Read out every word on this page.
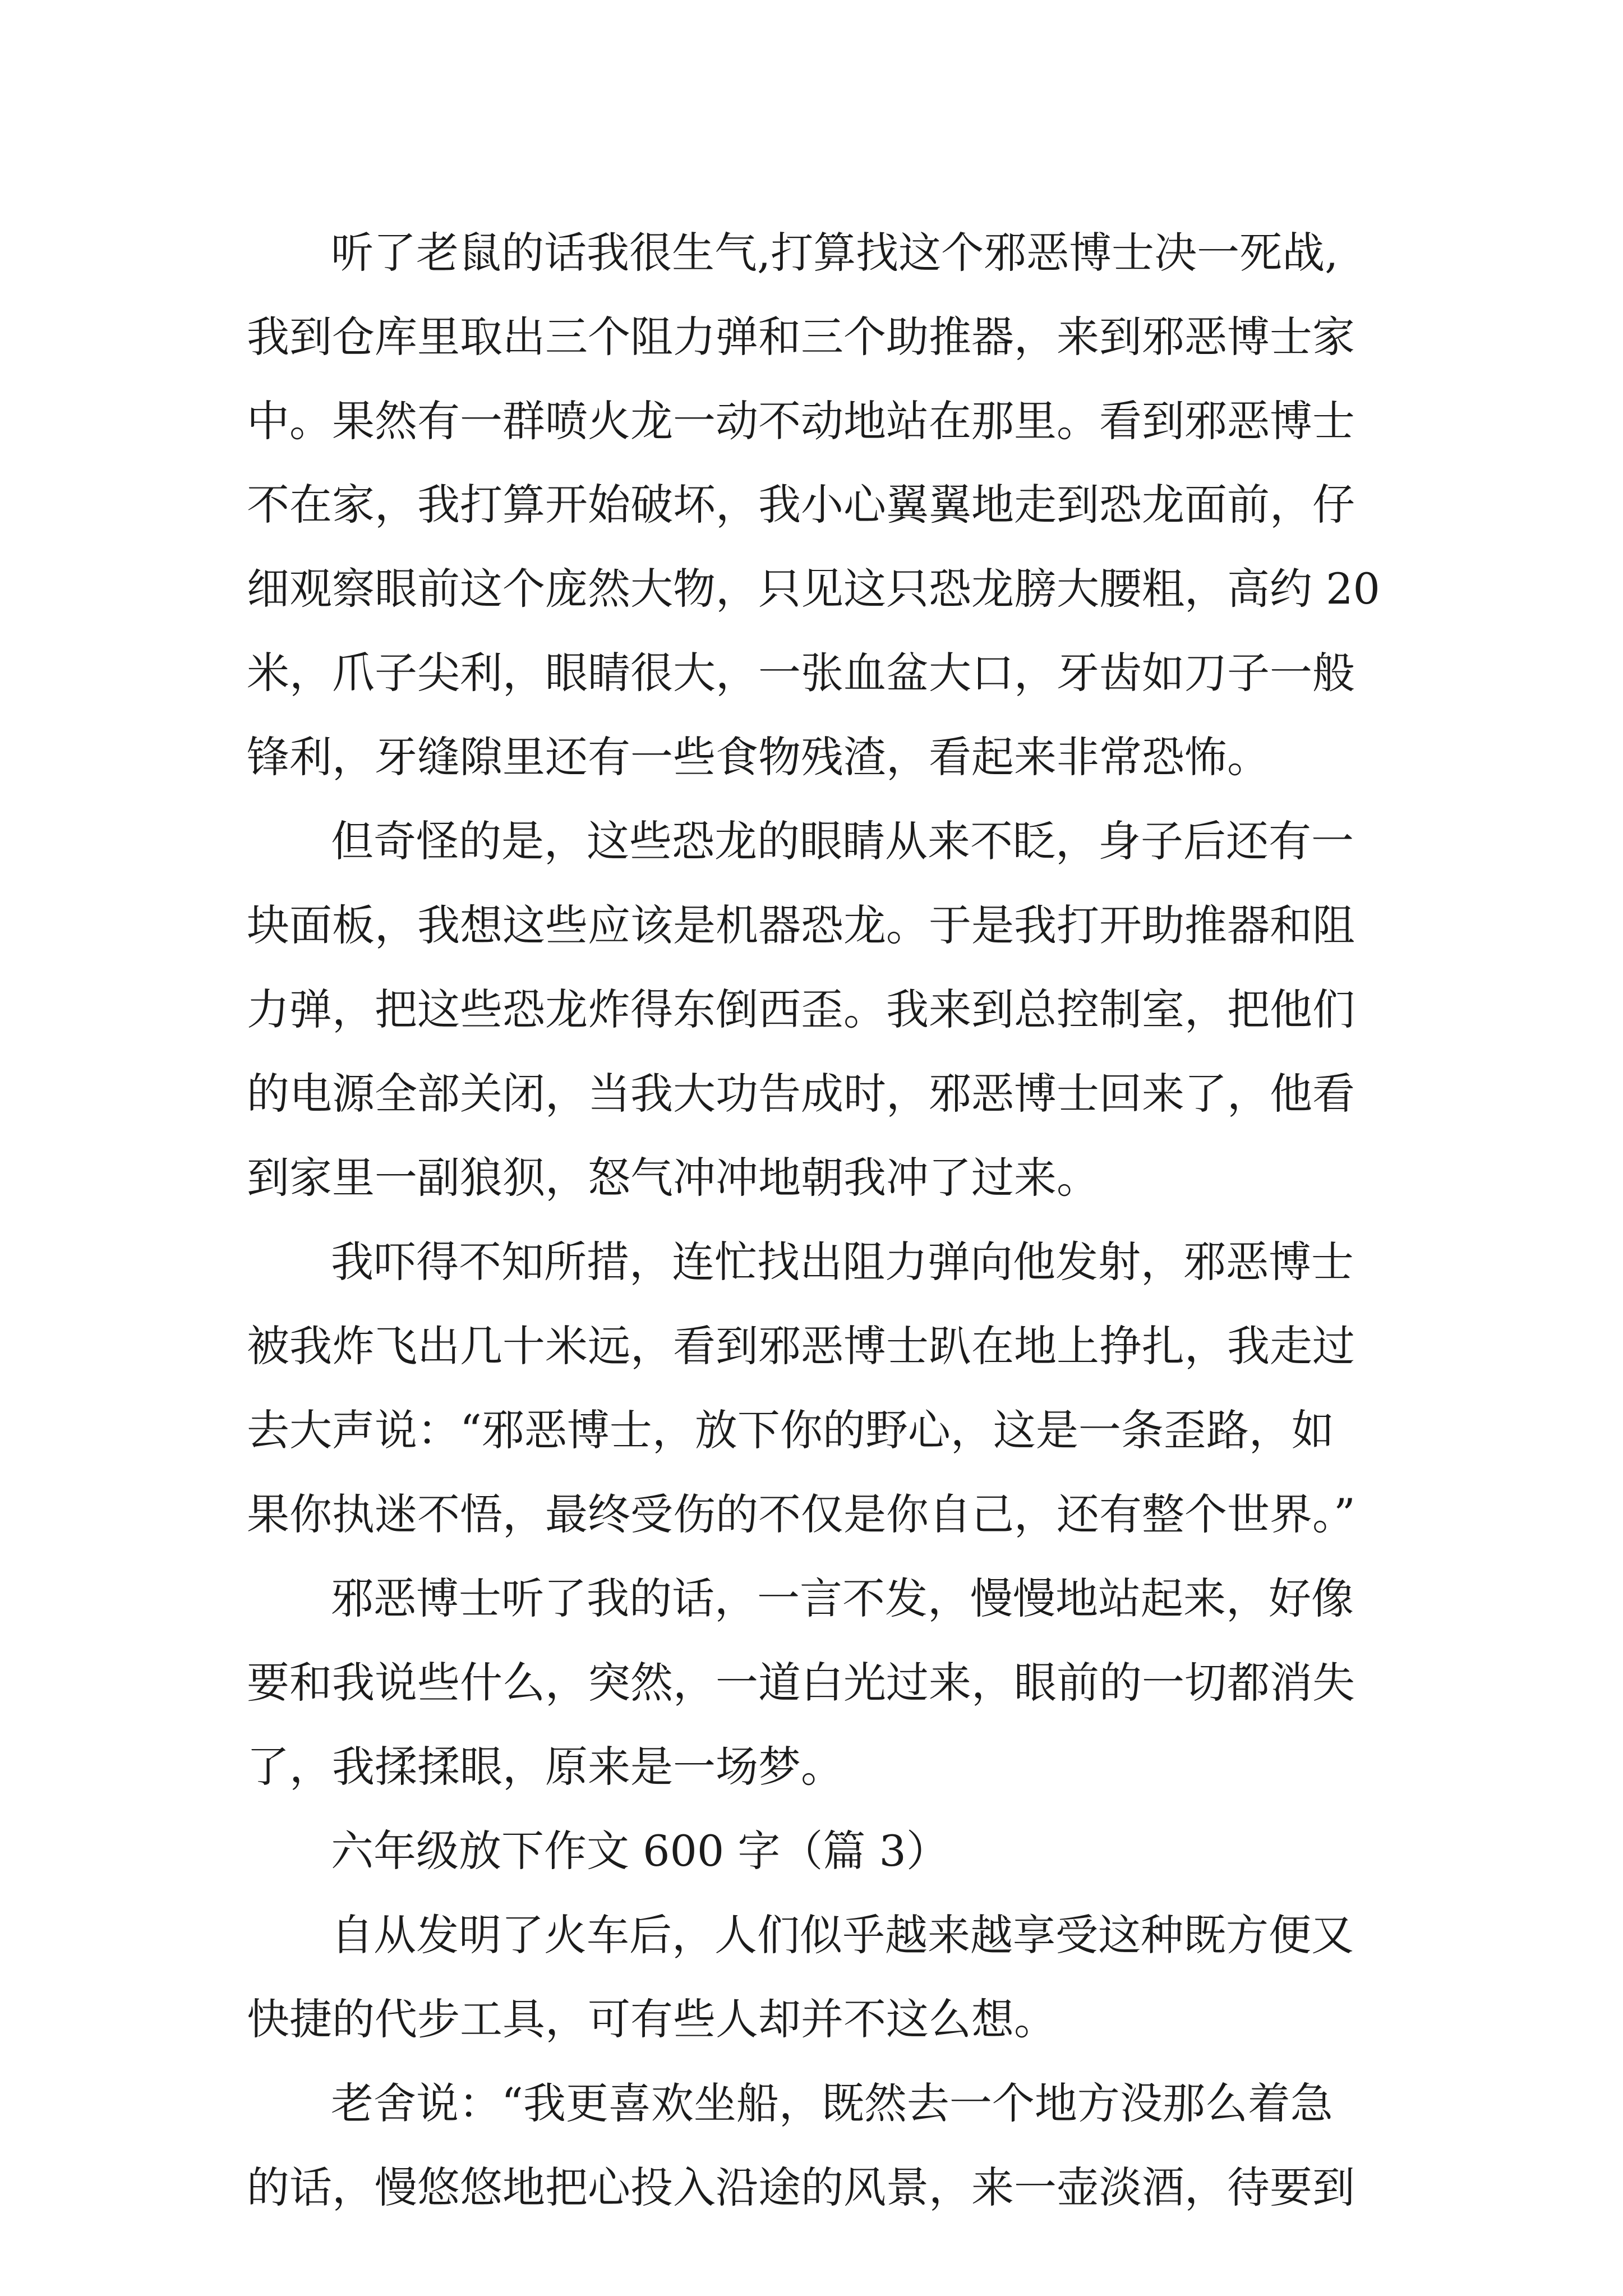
听了老鼠的话我很生气,打算找这个邪恶博士决一死战,
我到仓库里取出三个阻力弹和三个助推器，来到邪恶博士家
中。果然有一群喷火龙一动不动地站在那里。看到邪恶博士
不在家，我打算开始破坏，我小心翼翼地走到恐龙面前，仔
细观察眼前这个庞然大物，只见这只恐龙膀大腰粗，高约 20
米，爪子尖利，眼睛很大，一张血盆大口，牙齿如刀子一般
锋利，牙缝隙里还有一些食物残渣，看起来非常恐怖。
但奇怪的是，这些恐龙的眼睛从来不眨，身子后还有一
块面板，我想这些应该是机器恐龙。于是我打开助推器和阻
力弹，把这些恐龙炸得东倒西歪。我来到总控制室，把他们
的电源全部关闭，当我大功告成时，邪恶博士回来了，他看
到家里一副狼狈，怒气冲冲地朝我冲了过来。
我吓得不知所措，连忙找出阻力弹向他发射，邪恶博士
被我炸飞出几十米远，看到邪恶博士趴在地上挣扎，我走过
去大声说：“邪恶博士，放下你的野心，这是一条歪路，如
果你执迷不悟，最终受伤的不仅是你自己，还有整个世界。”
邪恶博士听了我的话，一言不发，慢慢地站起来，好像
要和我说些什么，突然，一道白光过来，眼前的一切都消失
了，我揉揉眼，原来是一场梦。
六年级放下作文 600 字（篇 3）
自从发明了火车后，人们似乎越来越享受这种既方便又
快捷的代步工具，可有些人却并不这么想。
老舍说：“我更喜欢坐船，既然去一个地方没那么着急
的话，慢悠悠地把心投入沿途的风景，来一壶淡酒，待要到
